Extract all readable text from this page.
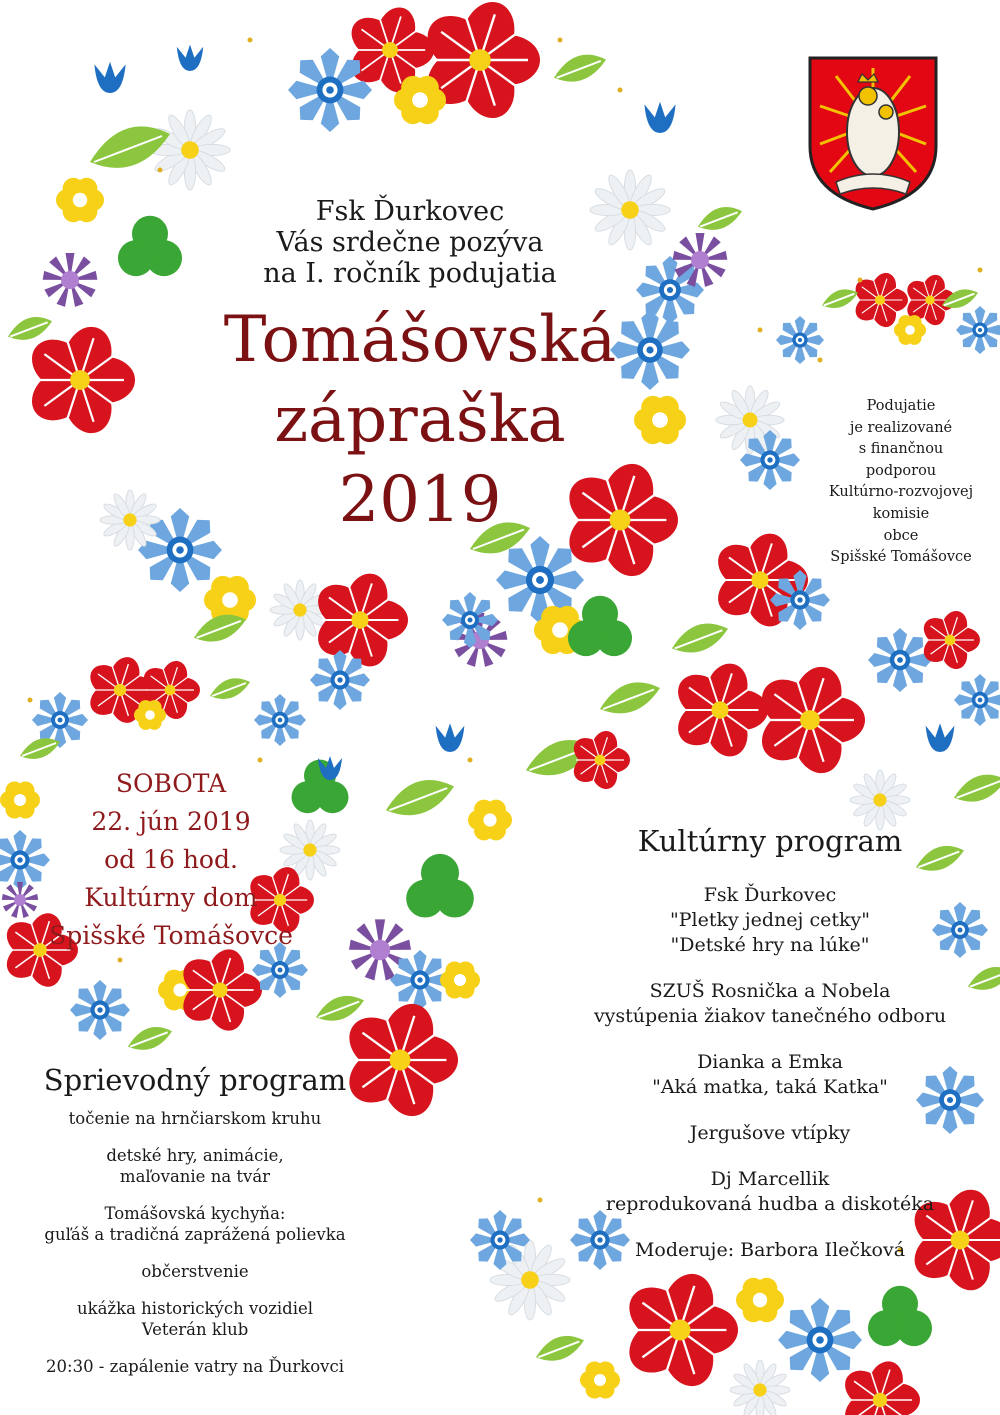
Fsk Ďurkovec
Vás srdečne pozýva
na I. ročník podujatia
Tomášovská
zápraška
2019
SOBOTA
22. jún 2019
od 16 hod.
Kultúrny dom
Spišské Tomášovce
Podujatie
je realizované
s finančnou
podporou
Kultúrno-rozvojovej
komisie
obce
Spišské Tomášovce
Kultúrny program
Fsk Ďurkovec
"Pletky jednej cetky"
"Detské hry na lúke"
SZUŠ Rosnička a Nobela
vystúpenia žiakov tanečného odboru
Dianka a Emka
"Aká matka, taká Katka"
Jergušove vtípky
Dj Marcellik
reprodukovaná hudba a diskotéka
Moderuje: Barbora Ilečková
Sprievodný program
točenie na hrnčiarskom kruhu
detské hry, animácie,
maľovanie na tvár
Tomášovská kychyňa:
guľáš a tradičná zaprážená polievka
občerstvenie
ukážka historických vozidiel
Veterán klub
20:30 - zapálenie vatry na Ďurkovci
